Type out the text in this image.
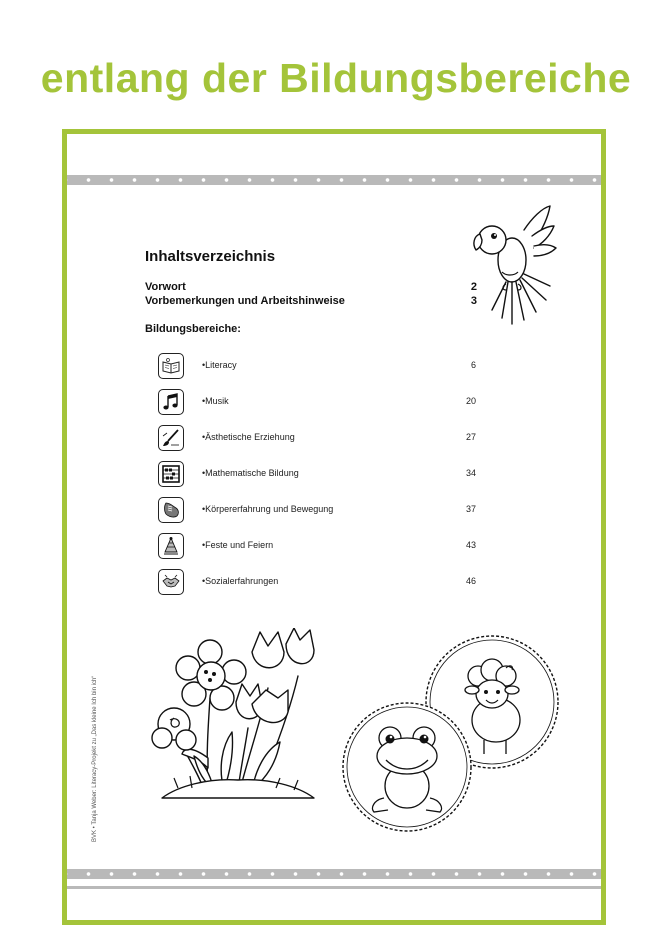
entlang der Bildungsbereiche
Inhaltsverzeichnis
Vorwort	2
Vorbemerkungen und Arbeitshinweise	3
Bildungsbereiche:
• Literacy	6
• Musik	20
• Ästhetische Erziehung	27
• Mathematische Bildung	34
• Körpererfahrung und Bewegung	37
• Feste und Feiern	43
• Sozialerfahrungen	46
BVK • Tanja Weber: Literacy-Projekt zu „Das kleine Ich bin ich“
